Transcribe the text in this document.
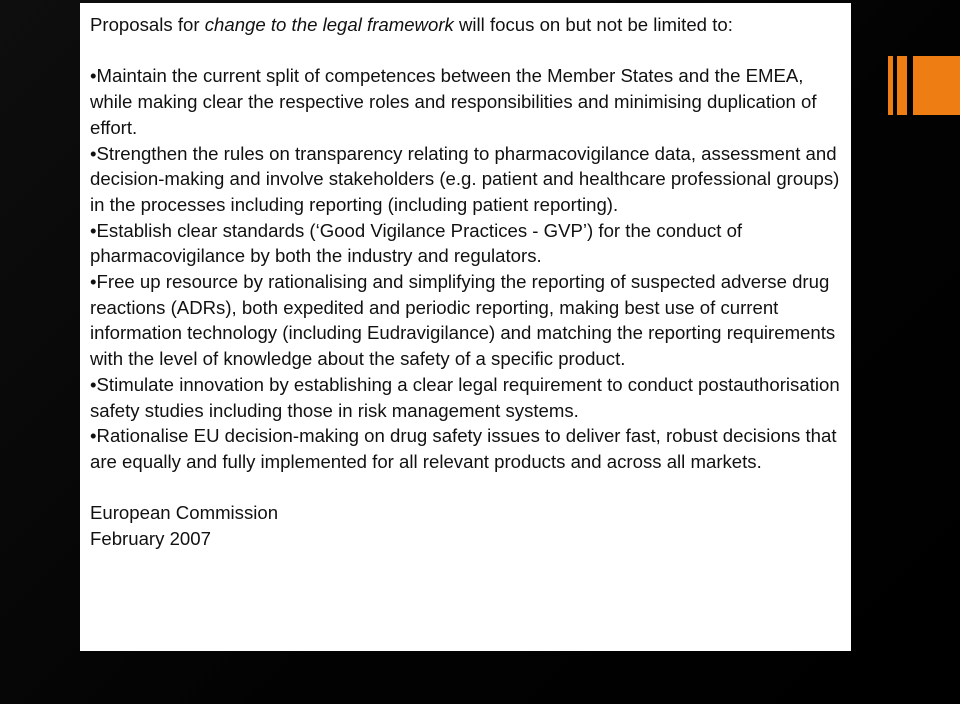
Proposals for change to the legal framework will focus on but not be limited to:

•Maintain the current split of competences between the Member States and the EMEA, while making clear the respective roles and responsibilities and minimising duplication of effort.

•Strengthen the rules on transparency relating to pharmacovigilance data, assessment and decision-making and involve stakeholders (e.g. patient and healthcare professional groups) in the processes including reporting (including patient reporting).

•Establish clear standards (‘Good Vigilance Practices - GVP’) for the conduct of pharmacovigilance by both the industry and regulators.

•Free up resource by rationalising and simplifying the reporting of suspected adverse drug reactions (ADRs), both expedited and periodic reporting, making best use of current information technology (including Eudravigilance) and matching the reporting requirements with the level of knowledge about the safety of a specific product.

•Stimulate innovation by establishing a clear legal requirement to conduct postauthorisation safety studies including those in risk management systems.

•Rationalise EU decision-making on drug safety issues to deliver fast, robust decisions that are equally and fully implemented for all relevant products and across all markets.

European Commission

February 2007
